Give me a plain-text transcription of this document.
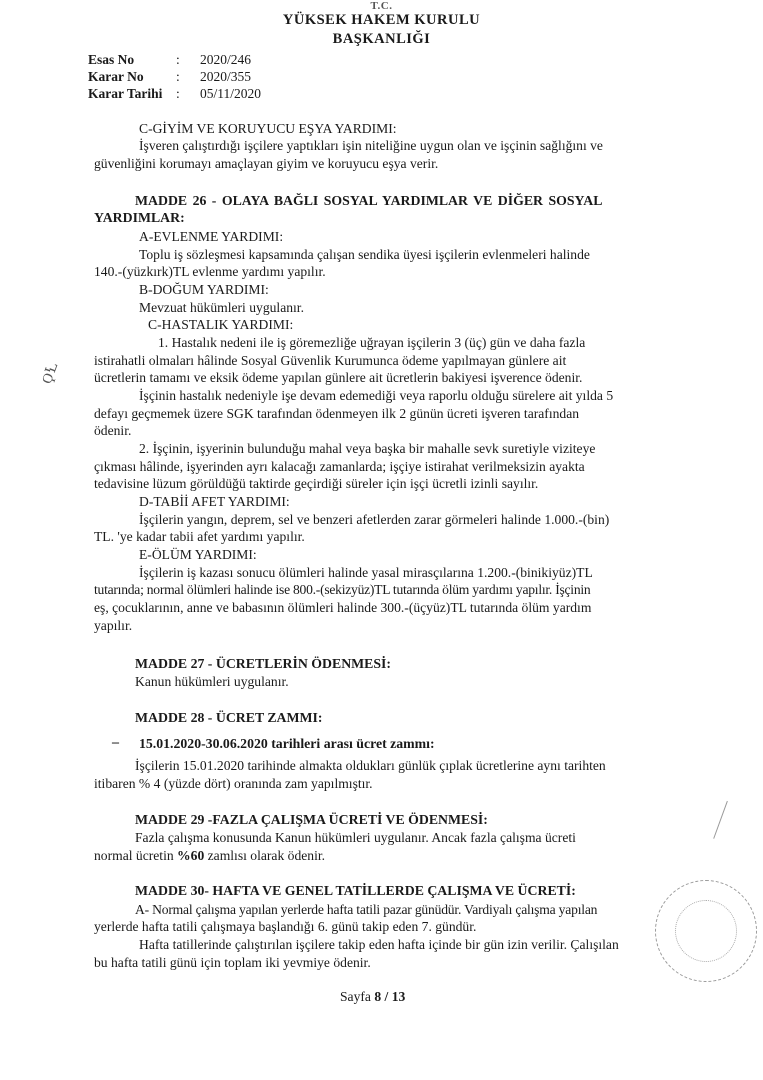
T.C.
YÜKSEK HAKEM KURULU
BAŞKANLIĞI
Esas No	: 2020/246
Karar No : 2020/355
Karar Tarihi : 05/11/2020
C-GİYİM VE KORUYUCU EŞYA YARDIMI:
İşveren çalıştırdığı işçilere yaptıkları işin niteliğine uygun olan ve işçinin sağlığını ve
güvenliğini korumayı amaçlayan giyim ve koruyucu eşya verir.
MADDE 26 - OLAYA BAĞLI SOSYAL YARDIMLAR VE DİĞER SOSYAL
YARDIMLAR:
A-EVLENME YARDIMI:
Toplu iş sözleşmesi kapsamında çalışan sendika üyesi işçilerin evlenmeleri halinde
140.-(yüzkırk)TL evlenme yardımı yapılır.
B-DOĞUM YARDIMI:
Mevzuat hükümleri uygulanır.
C-HASTALIK YARDIMI:
1. Hastalık nedeni ile iş göremezliğe uğrayan işçilerin 3 (üç) gün ve daha fazla
istirahatli olmaları hâlinde Sosyal Güvenlik Kurumunca ödeme yapılmayan günlere ait
ücretlerin tamamı ve eksik ödeme yapılan günlere ait ücretlerin bakiyesi işverence ödenir.
İşçinin hastalık nedeniyle işe devam edemediği veya raporlu olduğu sürelere ait yılda 5
defayı geçmemek üzere SGK tarafından ödenmeyen ilk 2 günün ücreti işveren tarafından
ödenir.
2. İşçinin, işyerinin bulunduğu mahal veya başka bir mahalle sevk suretiyle viziteye
çıkması hâlinde, işyerinden ayrı kalacağı zamanlarda; işçiye istirahat verilmeksizin ayakta
tedavisine lüzum görüldüğü taktirde geçirdiği süreler için işçi ücretli izinli sayılır.
D-TABİİ AFET YARDIMI:
İşçilerin yangın, deprem, sel ve benzeri afetlerden zarar görmeleri halinde 1.000.-(bin)
TL. 'ye kadar tabii afet yardımı yapılır.
E-ÖLÜM YARDIMI:
İşçilerin iş kazası sonucu ölümleri halinde yasal mirasçılarına 1.200.-(binikiyüz)TL
tutarında; normal ölümleri halinde ise 800.-(sekizyüz)TL tutarında ölüm yardımı yapılır. İşçinin
eş, çocuklarının, anne ve babasının ölümleri halinde 300.-(üçyüz)TL tutarında ölüm yardım
yapılır.
MADDE 27 - ÜCRETLERİN ÖDENMESİ:
Kanun hükümleri uygulanır.
MADDE 28 - ÜCRET ZAMMI:
– 15.01.2020-30.06.2020 tarihleri arası ücret zammı:
İşçilerin 15.01.2020 tarihinde almakta oldukları günlük çıplak ücretlerine aynı tarihten
itibaren % 4 (yüzde dört) oranında zam yapılmıştır.
MADDE 29 -FAZLA ÇALIŞMA ÜCRETİ VE ÖDENMESİ:
Fazla çalışma konusunda Kanun hükümleri uygulanır. Ancak fazla çalışma ücreti
normal ücretin %60 zamlısı olarak ödenir.
MADDE 30- HAFTA VE GENEL TATİLLERDE ÇALIŞMA VE ÜCRETİ:
A- Normal çalışma yapılan yerlerde hafta tatili pazar günüdür. Vardiyalı çalışma yapılan
yerlerde hafta tatili çalışmaya başlandığı 6. günü takip eden 7. gündür.
Hafta tatillerinde çalıştırılan işçilere takip eden hafta içinde bir gün izin verilir. Çalışılan
bu hafta tatili günü için toplam iki yevmiye ödenir.
ϘꝆ
Sayfa 8 / 13
